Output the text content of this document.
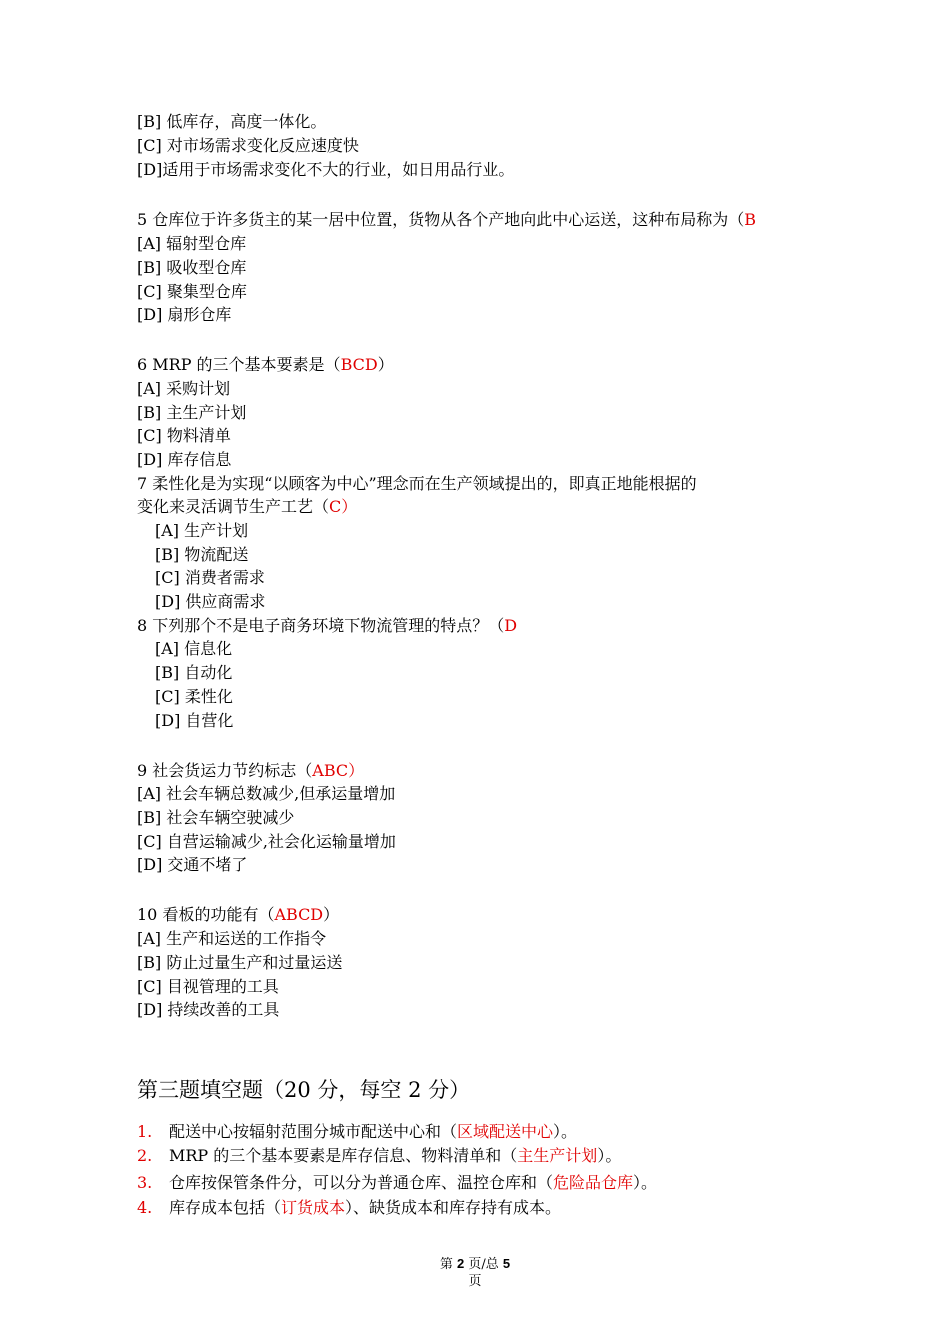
[B] 低库存，高度一体化。
[C] 对市场需求变化反应速度快
[D]适用于市场需求变化不大的行业，如日用品行业。
5 仓库位于许多货主的某一居中位置，货物从各个产地向此中心运送，这种布局称为（B
[A] 辐射型仓库
[B] 吸收型仓库
[C] 聚集型仓库
[D] 扇形仓库
6 MRP 的三个基本要素是（BCD）
[A] 采购计划
[B] 主生产计划
[C] 物料清单
[D] 库存信息
7 柔性化是为实现“以顾客为中心”理念而在生产领域提出的，即真正地能根据的
变化来灵活调节生产工艺（C）
[A] 生产计划
[B] 物流配送
[C] 消费者需求
[D] 供应商需求
8 下列那个不是电子商务环境下物流管理的特点？（D
[A] 信息化
[B] 自动化
[C] 柔性化
[D] 自营化
9 社会货运力节约标志（ABC）
[A] 社会车辆总数减少,但承运量增加
[B] 社会车辆空驶减少
[C] 自营运输减少,社会化运输量增加
[D] 交通不堵了
10 看板的功能有（ABCD）
[A] 生产和运送的工作指令
[B] 防止过量生产和过量运送
[C] 目视管理的工具
[D] 持续改善的工具
第三题填空题（20 分，每空 2 分）
1. 配送中心按辐射范围分城市配送中心和（区域配送中心）。
2. MRP 的三个基本要素是库存信息、物料清单和（主生产计划）。
3. 仓库按保管条件分，可以分为普通仓库、温控仓库和（危险品仓库）。
4. 库存成本包括（订货成本）、缺货成本和库存持有成本。
第 2 页/总 5
页
